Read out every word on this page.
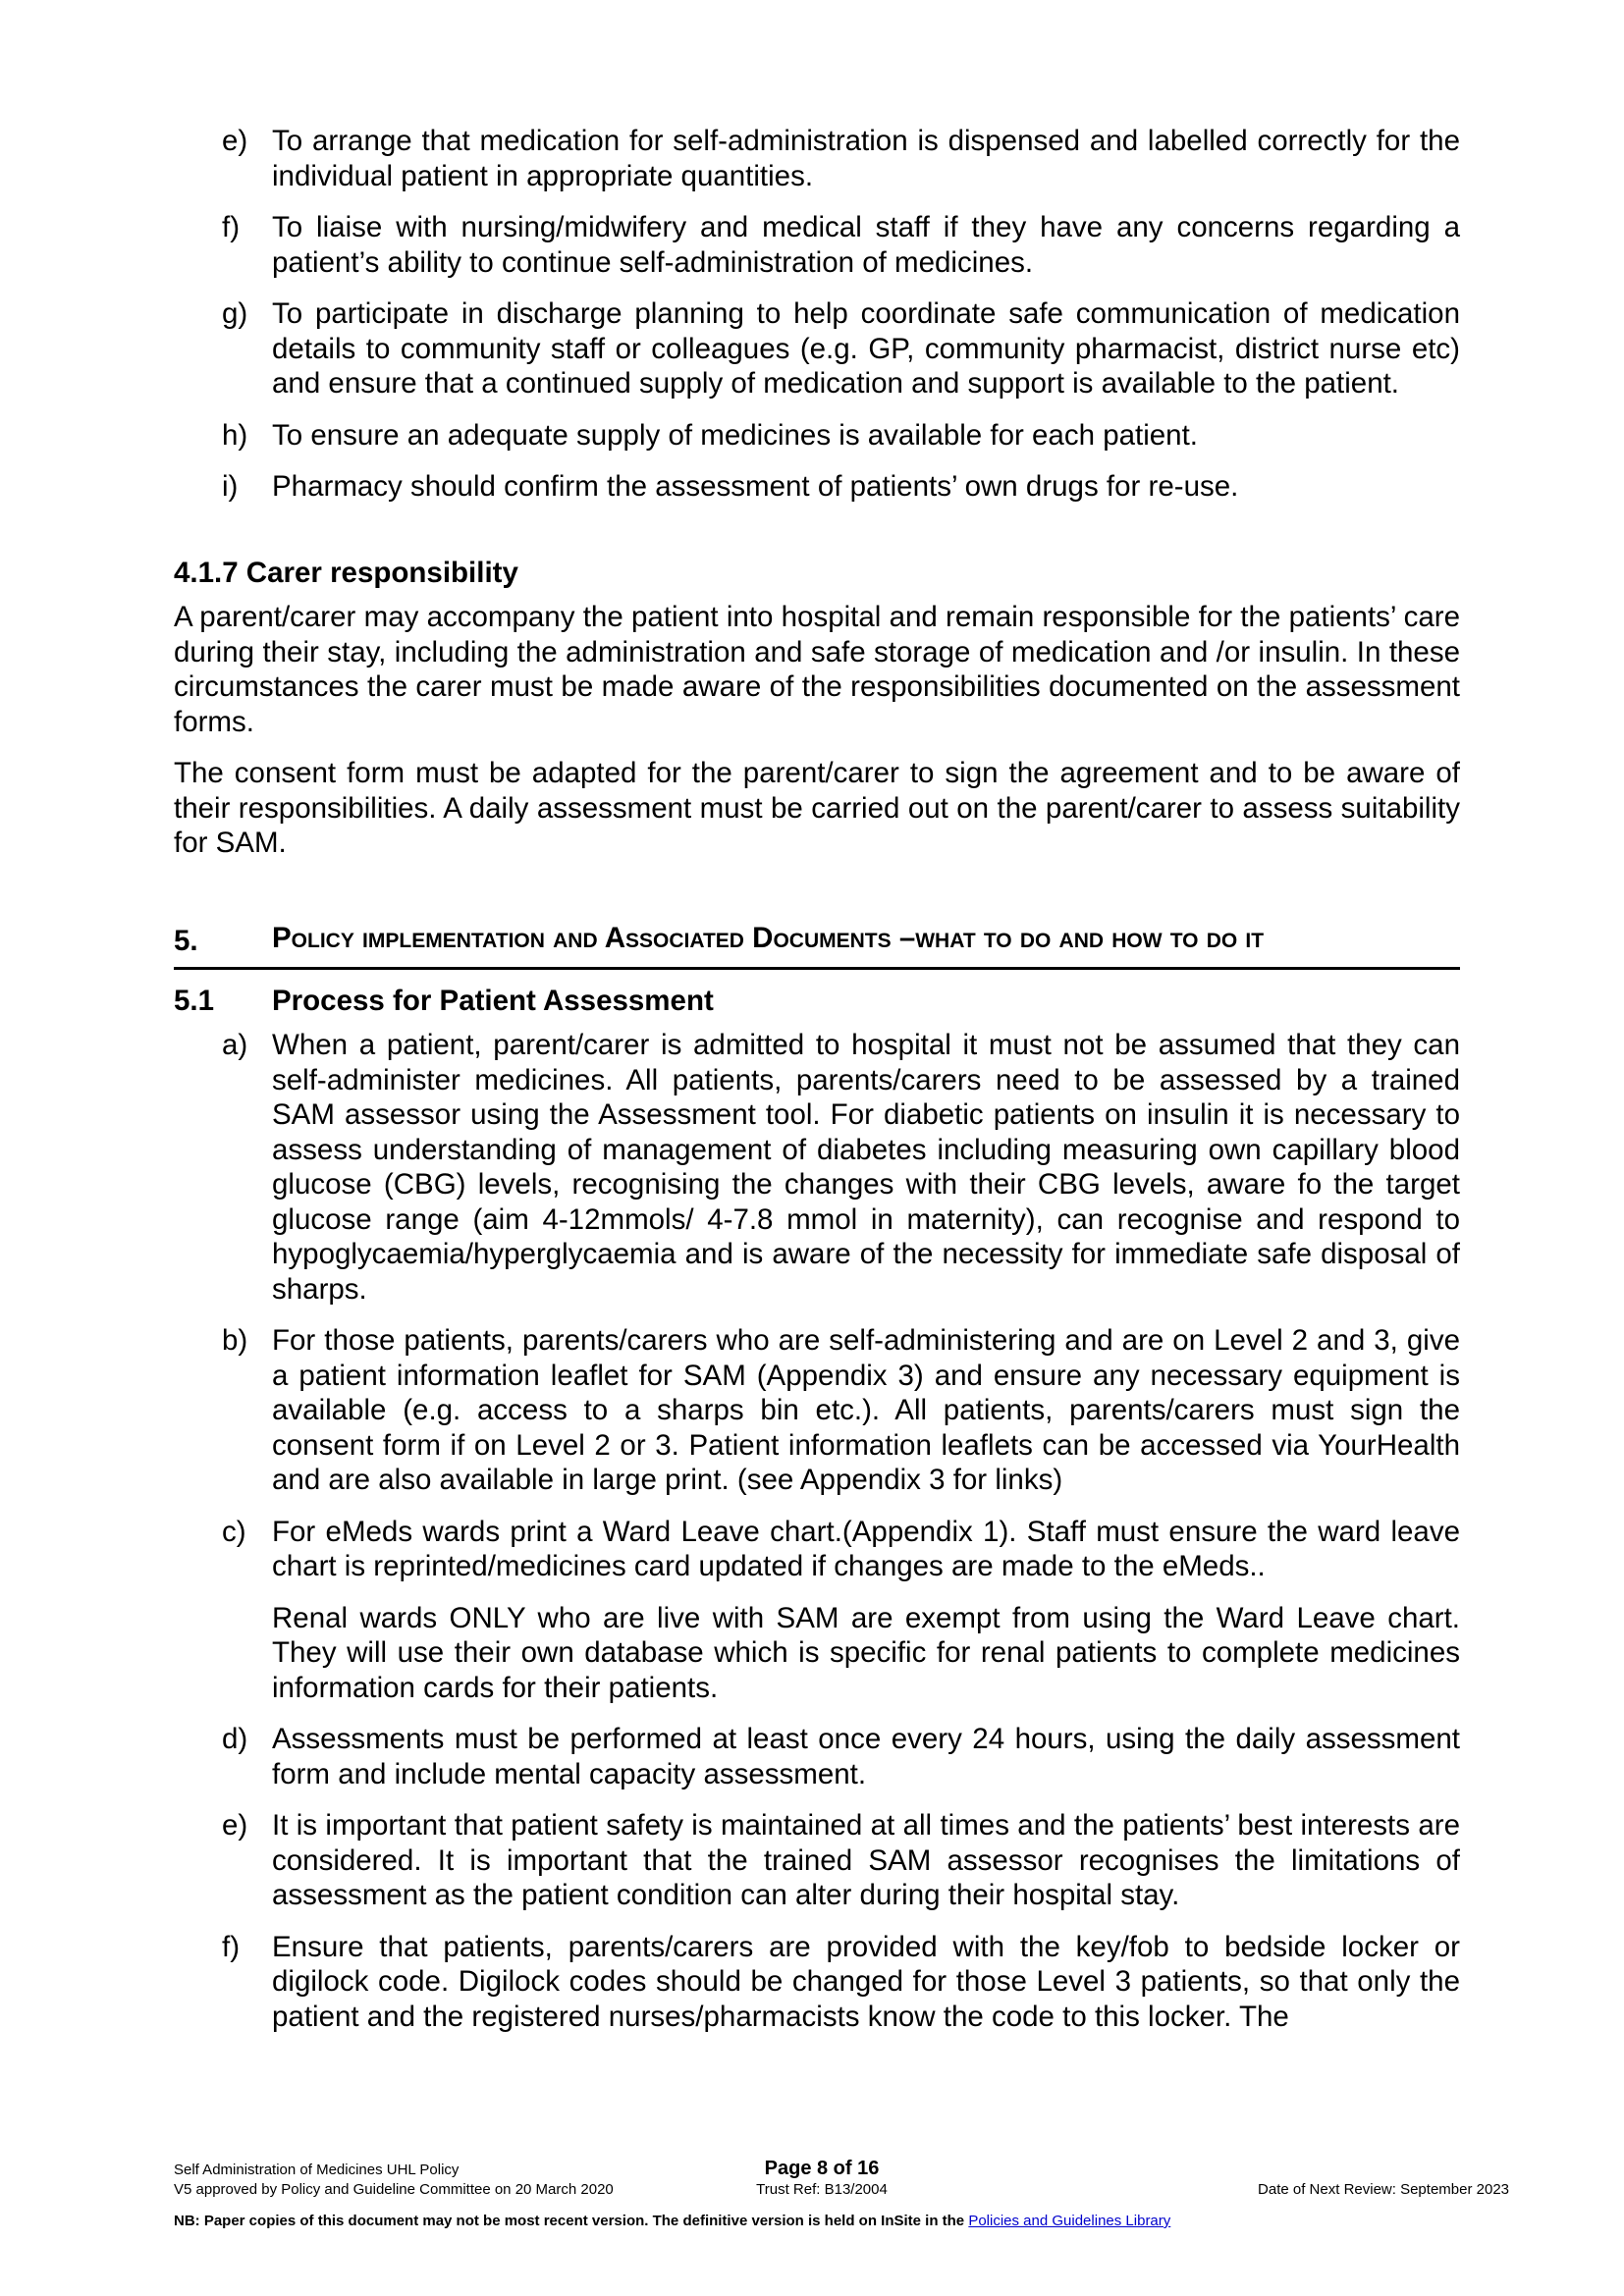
e) To arrange that medication for self-administration is dispensed and labelled correctly for the individual patient in appropriate quantities.
f)	To liaise with nursing/midwifery and medical staff if they have any concerns regarding a patient’s ability to continue self-administration of medicines.
g) To participate in discharge planning to help coordinate safe communication of medication details to community staff or colleagues (e.g. GP, community pharmacist, district nurse etc) and ensure that a continued supply of medication and support is available to the patient.
h) To ensure an adequate supply of medicines is available for each patient.
i)	Pharmacy should confirm the assessment of patients’ own drugs for re-use.
4.1.7 Carer responsibility

A parent/carer may accompany the patient into hospital and remain responsible for the patients’ care during their stay, including the administration and safe storage of medication and /or insulin. In these circumstances the carer must be made aware of the responsibilities documented on the assessment forms.

The consent form must be adapted for the parent/carer to sign the agreement and to be aware of their responsibilities. A daily assessment must be carried out on the parent/carer to assess suitability for SAM.

5.	Policy implementation and Associated Documents –what to do and how to do it
5.1	Process for Patient Assessment
a) When a patient, parent/carer is admitted to hospital it must not be assumed that they can self-administer medicines. All patients, parents/carers need to be assessed by a trained SAM assessor using the Assessment tool. For diabetic patients on insulin it is necessary to assess understanding of management of diabetes including measuring own capillary blood glucose (CBG) levels, recognising the changes with their CBG levels, aware fo the target glucose range (aim 4-12mmols/ 4-7.8 mmol in maternity), can recognise and respond to hypoglycaemia/hyperglycaemia and is aware of the necessity for immediate safe disposal of sharps.
b) For those patients, parents/carers who are self-administering and are on Level 2 and 3, give a patient information leaflet for SAM (Appendix 3) and ensure any necessary equipment is available (e.g. access to a sharps bin etc.). All patients, parents/carers must sign the consent form if on Level 2 or 3. Patient information leaflets can be accessed via YourHealth and are also available in large print. (see Appendix 3 for links)
c) For eMeds wards print a Ward Leave chart.(Appendix 1). Staff must ensure the ward leave chart is reprinted/medicines card updated if changes are made to the eMeds..

Renal wards ONLY who are live with SAM are exempt from using the Ward Leave chart. They will use their own database which is specific for renal patients to complete medicines information cards for their patients.

d) Assessments must be performed at least once every 24 hours, using the daily assessment form and include mental capacity assessment.
e) It is important that patient safety is maintained at all times and the patients’ best interests are considered. It is important that the trained SAM assessor recognises the limitations of assessment as the patient condition can alter during their hospital stay.
f)	Ensure that patients, parents/carers are provided with the key/fob to bedside locker or digilock code. Digilock codes should be changed for those Level 3 patients, so that only the patient and the registered nurses/pharmacists know the code to this locker. The
Self Administration of Medicines UHL Policy	Page 8 of 16
V5 approved by Policy and Guideline Committee on 20 March 2020	Trust Ref: B13/2004	Date of Next Review: September 2023
NB: Paper copies of this document may not be most recent version. The definitive version is held on InSite in the Policies and Guidelines Library
